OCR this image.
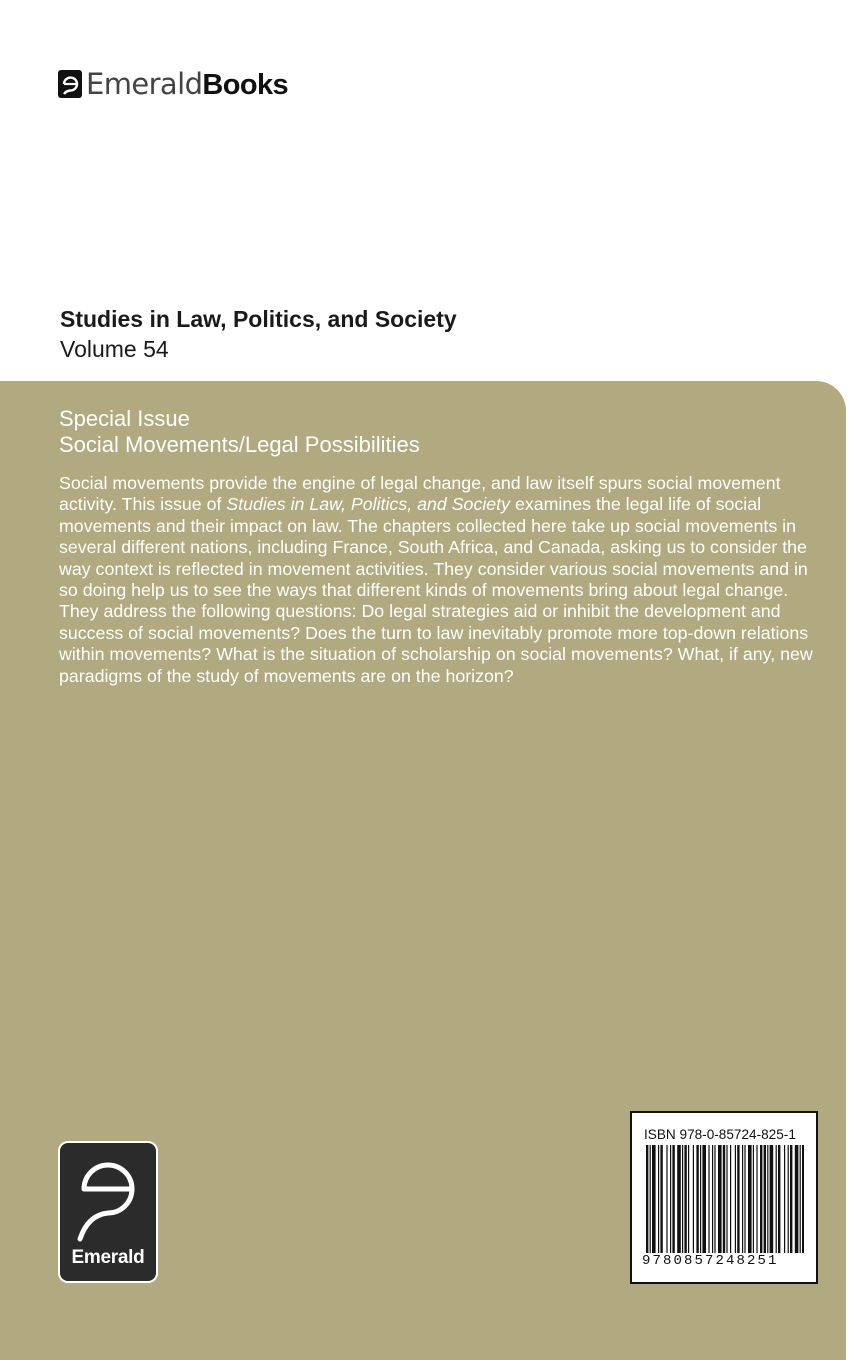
EmeraldBooks
Studies in Law, Politics, and Society
Volume 54
Special Issue
Social Movements/Legal Possibilities
Social movements provide the engine of legal change, and law itself spurs social movement activity. This issue of Studies in Law, Politics, and Society examines the legal life of social movements and their impact on law. The chapters collected here take up social movements in several different nations, including France, South Africa, and Canada, asking us to consider the way context is reflected in movement activities. They consider various social movements and in so doing help us to see the ways that different kinds of movements bring about legal change. They address the following questions: Do legal strategies aid or inhibit the development and success of social movements? Does the turn to law inevitably promote more top-down relations within movements? What is the situation of scholarship on social movements? What, if any, new paradigms of the study of movements are on the horizon?
Emerald
ISBN 978-0-85724-825-1
9780857248251
